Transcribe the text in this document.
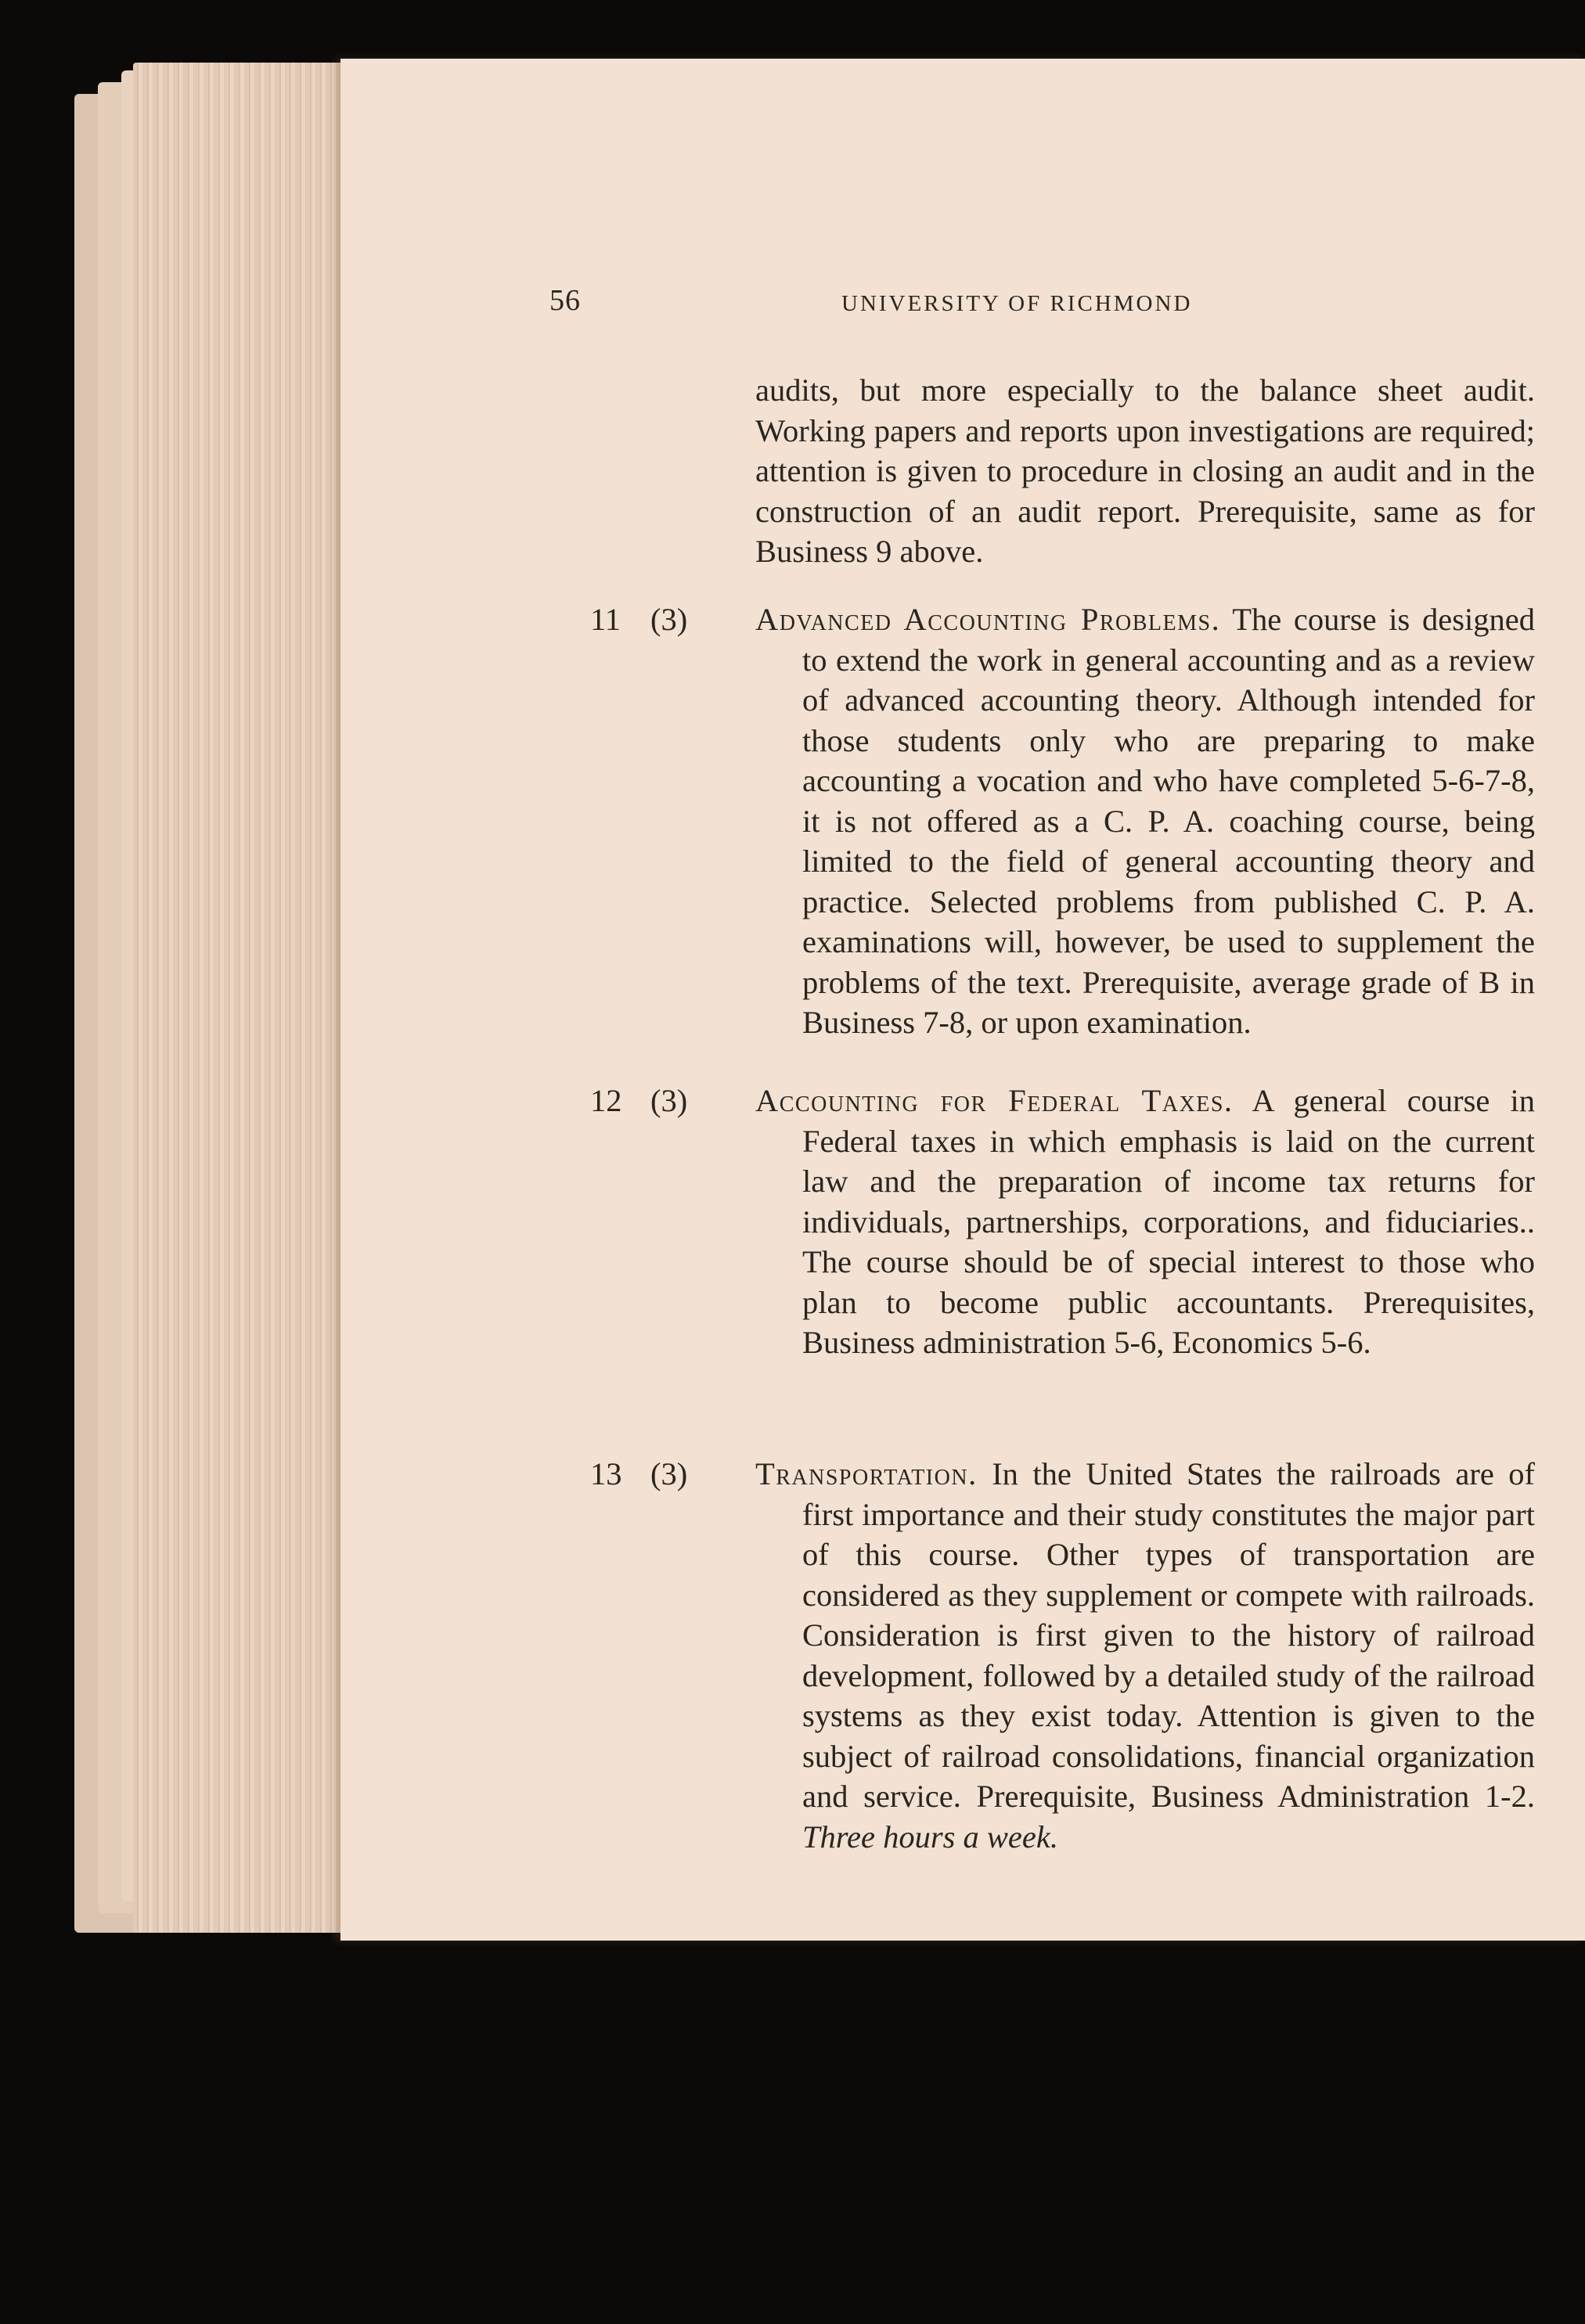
56	UNIVERSITY OF RICHMOND

audits, but more especially to the balance sheet audit. Working papers and reports upon investigations are required; attention is given to procedure in closing an audit and in the construction of an audit report. Prerequisite, same as for Business 9 above.

11 (3) Advanced Accounting Problems. The course is designed to extend the work in general accounting and as a review of advanced accounting theory. Although intended for those students only who are preparing to make accounting a vocation and who have completed 5-6-7-8, it is not offered as a C. P. A. coaching course, being limited to the field of general accounting theory and practice. Selected problems from published C. P. A. examinations will, however, be used to supplement the problems of the text. Prerequisite, average grade of B in Business 7-8, or upon examination.

12 (3) Accounting for Federal Taxes. A general course in Federal taxes in which emphasis is laid on the current law and the preparation of income tax returns for individuals, partnerships, corporations, and fiduciaries.. The course should be of special interest to those who plan to become public accountants. Prerequisites, Business administration 5-6, Economics 5-6.

13 (3) Transportation. In the United States the railroads are of first importance and their study constitutes the major part of this course. Other types of transportation are considered as they supplement or compete with railroads. Consideration is first given to the history of railroad development, followed by a detailed study of the railroad systems as they exist today. Attention is given to the subject of railroad consolidations, financial organization and service. Prerequisite, Business Administration 1-2. Three hours a week.
